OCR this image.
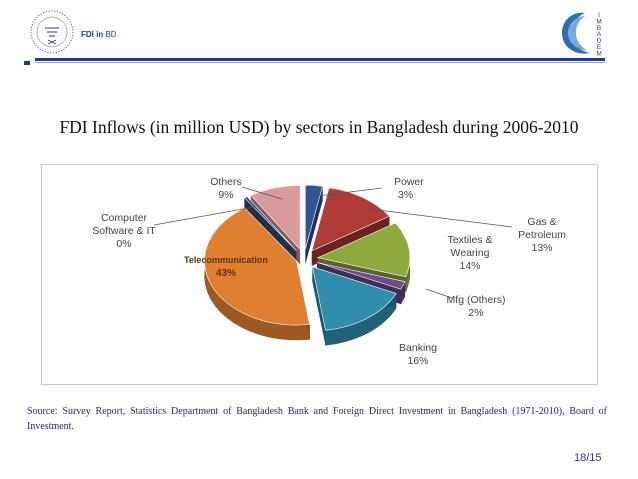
FDI in BD
I M B A D E M
FDI Inflows (in million USD) by sectors in Bangladesh during 2006-2010
Power
3%
Gas &
Petroleum
13%
Textiles &
Wearing
14%
Mfg (Others)
2%
Banking
16%
Telecommunication
43%
Computer
Software & IT
0%
Others
9%
Source: Survey Report, Statistics Department of Bangladesh Bank and Foreign Direct Investment in Bangladesh (1971-2010), Board of Investment.
18/15
